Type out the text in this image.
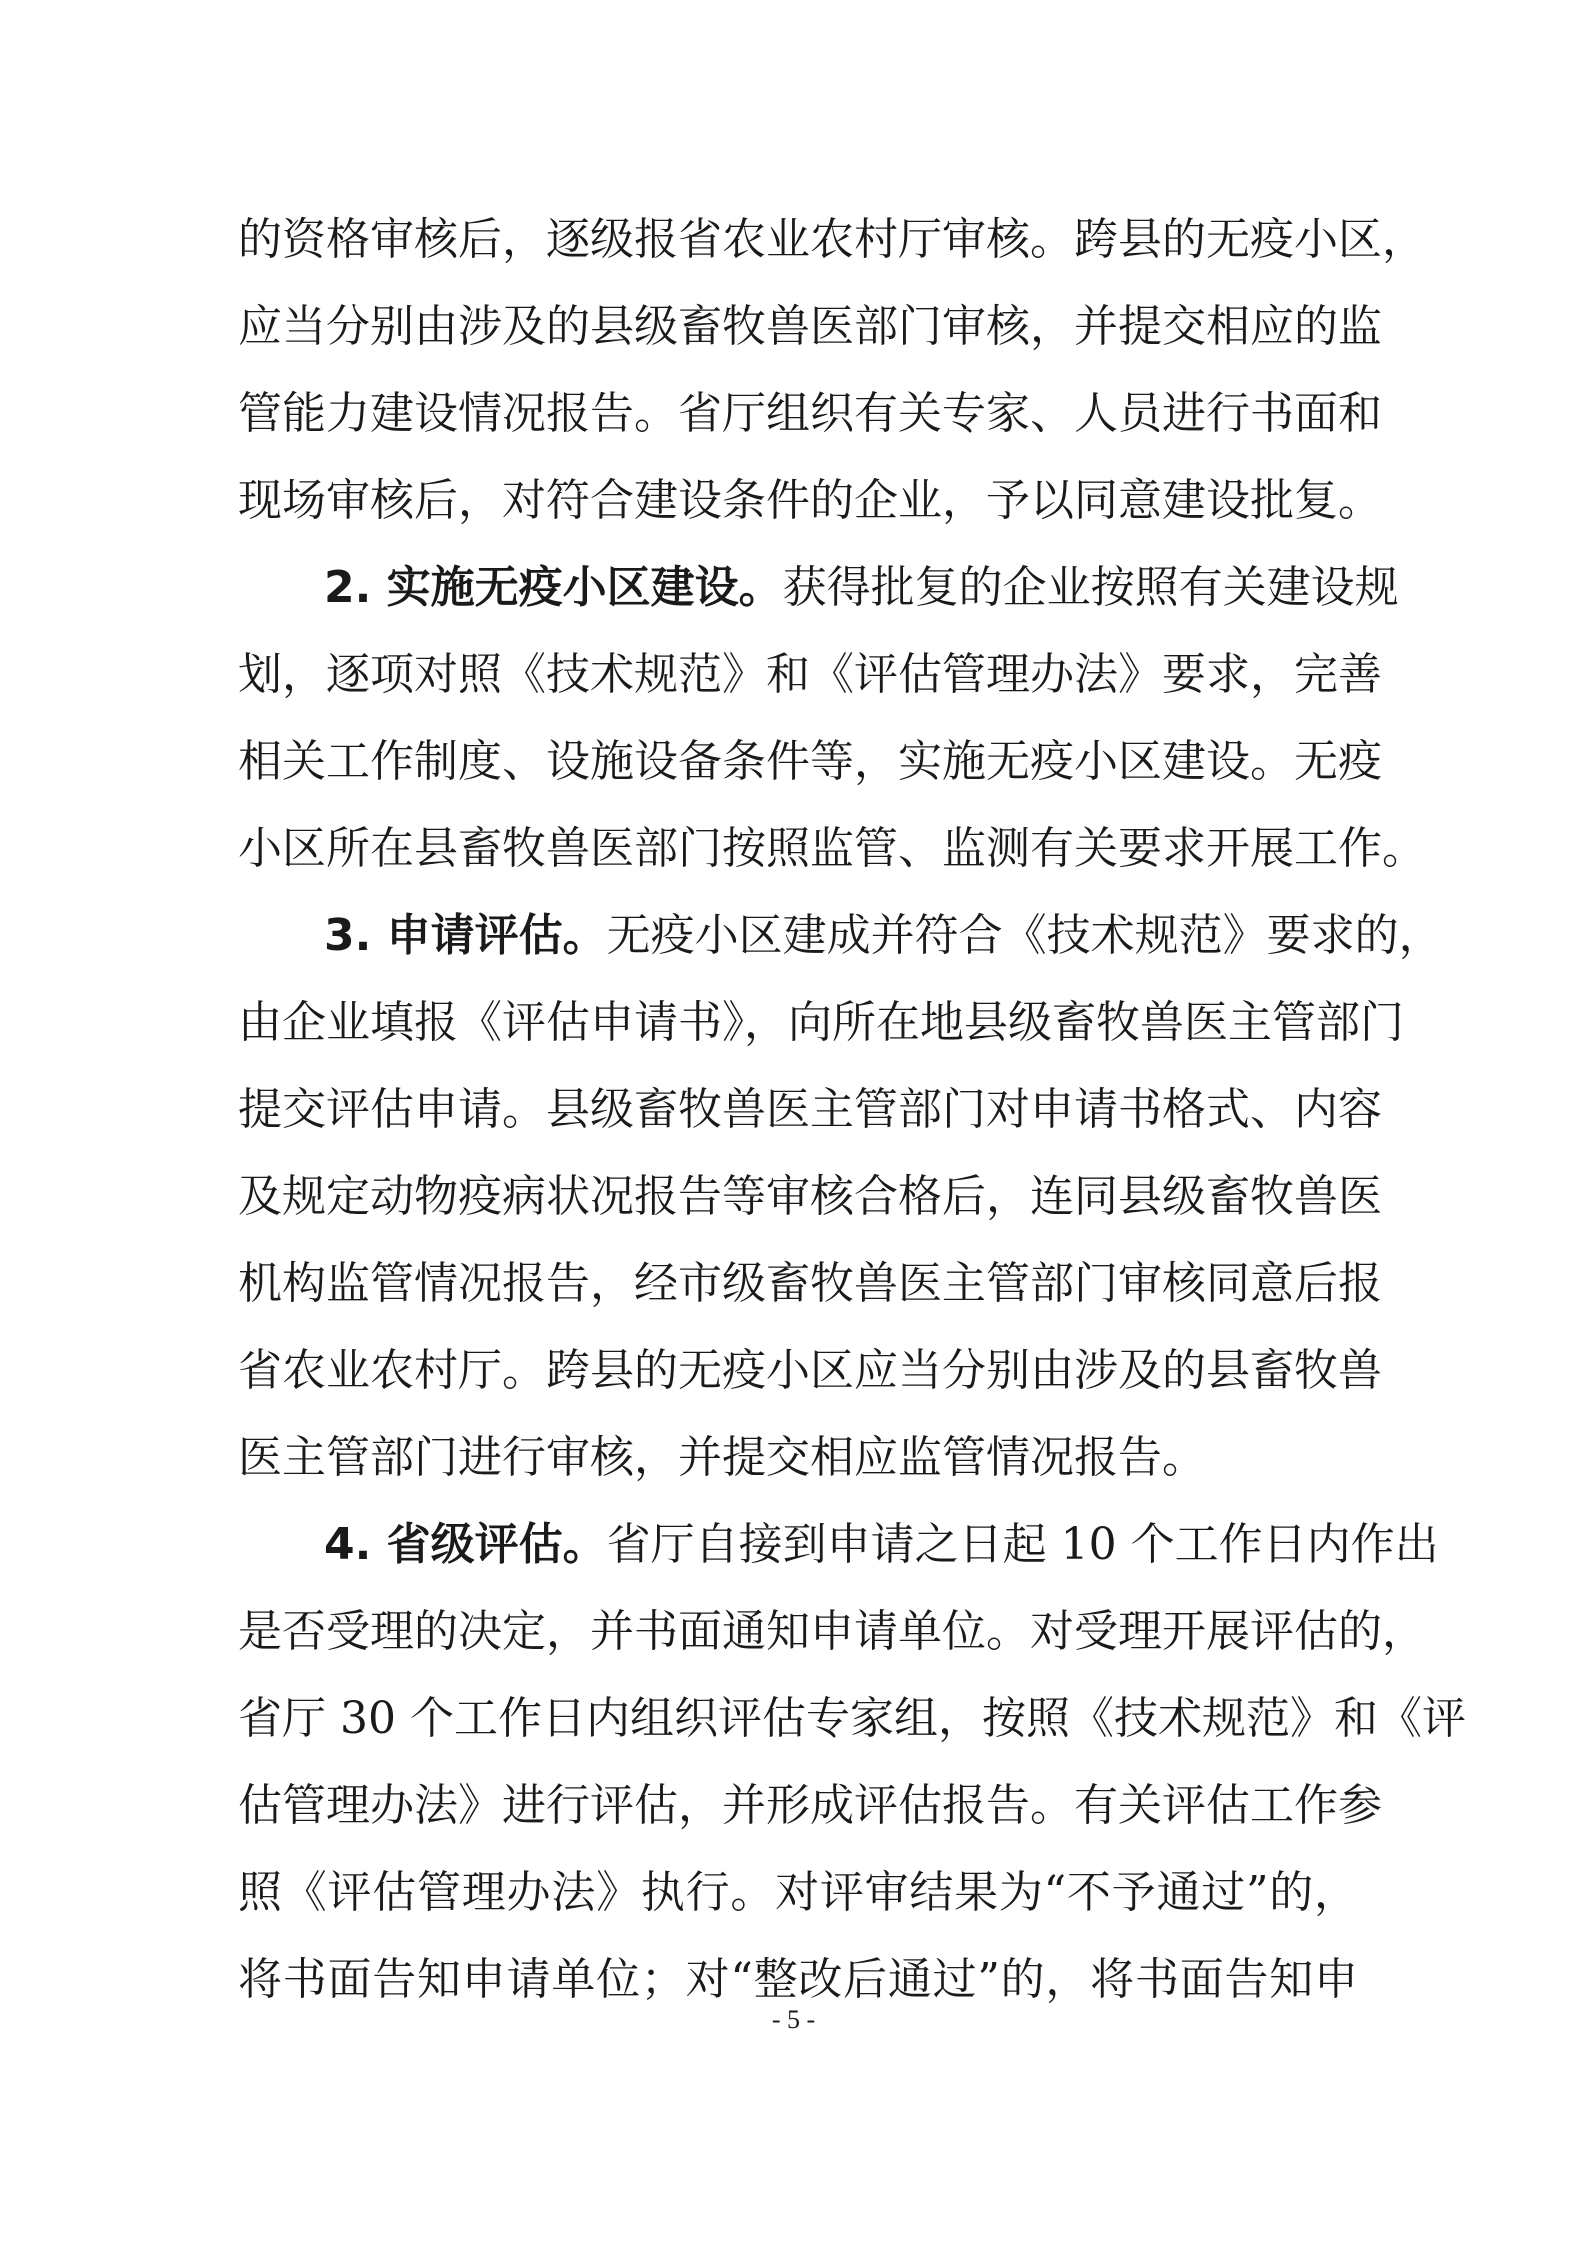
的资格审核后，逐级报省农业农村厅审核。跨县的无疫小区，
应当分别由涉及的县级畜牧兽医部门审核，并提交相应的监
管能力建设情况报告。省厅组织有关专家、人员进行书面和
现场审核后，对符合建设条件的企业，予以同意建设批复。
2. 实施无疫小区建设。获得批复的企业按照有关建设规
划，逐项对照《技术规范》和《评估管理办法》要求，完善
相关工作制度、设施设备条件等，实施无疫小区建设。无疫
小区所在县畜牧兽医部门按照监管、监测有关要求开展工作。
3. 申请评估。无疫小区建成并符合《技术规范》要求的，
由企业填报《评估申请书》，向所在地县级畜牧兽医主管部门
提交评估申请。县级畜牧兽医主管部门对申请书格式、内容
及规定动物疫病状况报告等审核合格后，连同县级畜牧兽医
机构监管情况报告，经市级畜牧兽医主管部门审核同意后报
省农业农村厅。跨县的无疫小区应当分别由涉及的县畜牧兽
医主管部门进行审核，并提交相应监管情况报告。
4. 省级评估。省厅自接到申请之日起 10 个工作日内作出
是否受理的决定，并书面通知申请单位。对受理开展评估的，
省厅 30 个工作日内组织评估专家组，按照《技术规范》和《评
估管理办法》进行评估，并形成评估报告。有关评估工作参
照《评估管理办法》执行。对评审结果为“不予通过”的，
将书面告知申请单位；对“整改后通过”的，将书面告知申
- 5 -
